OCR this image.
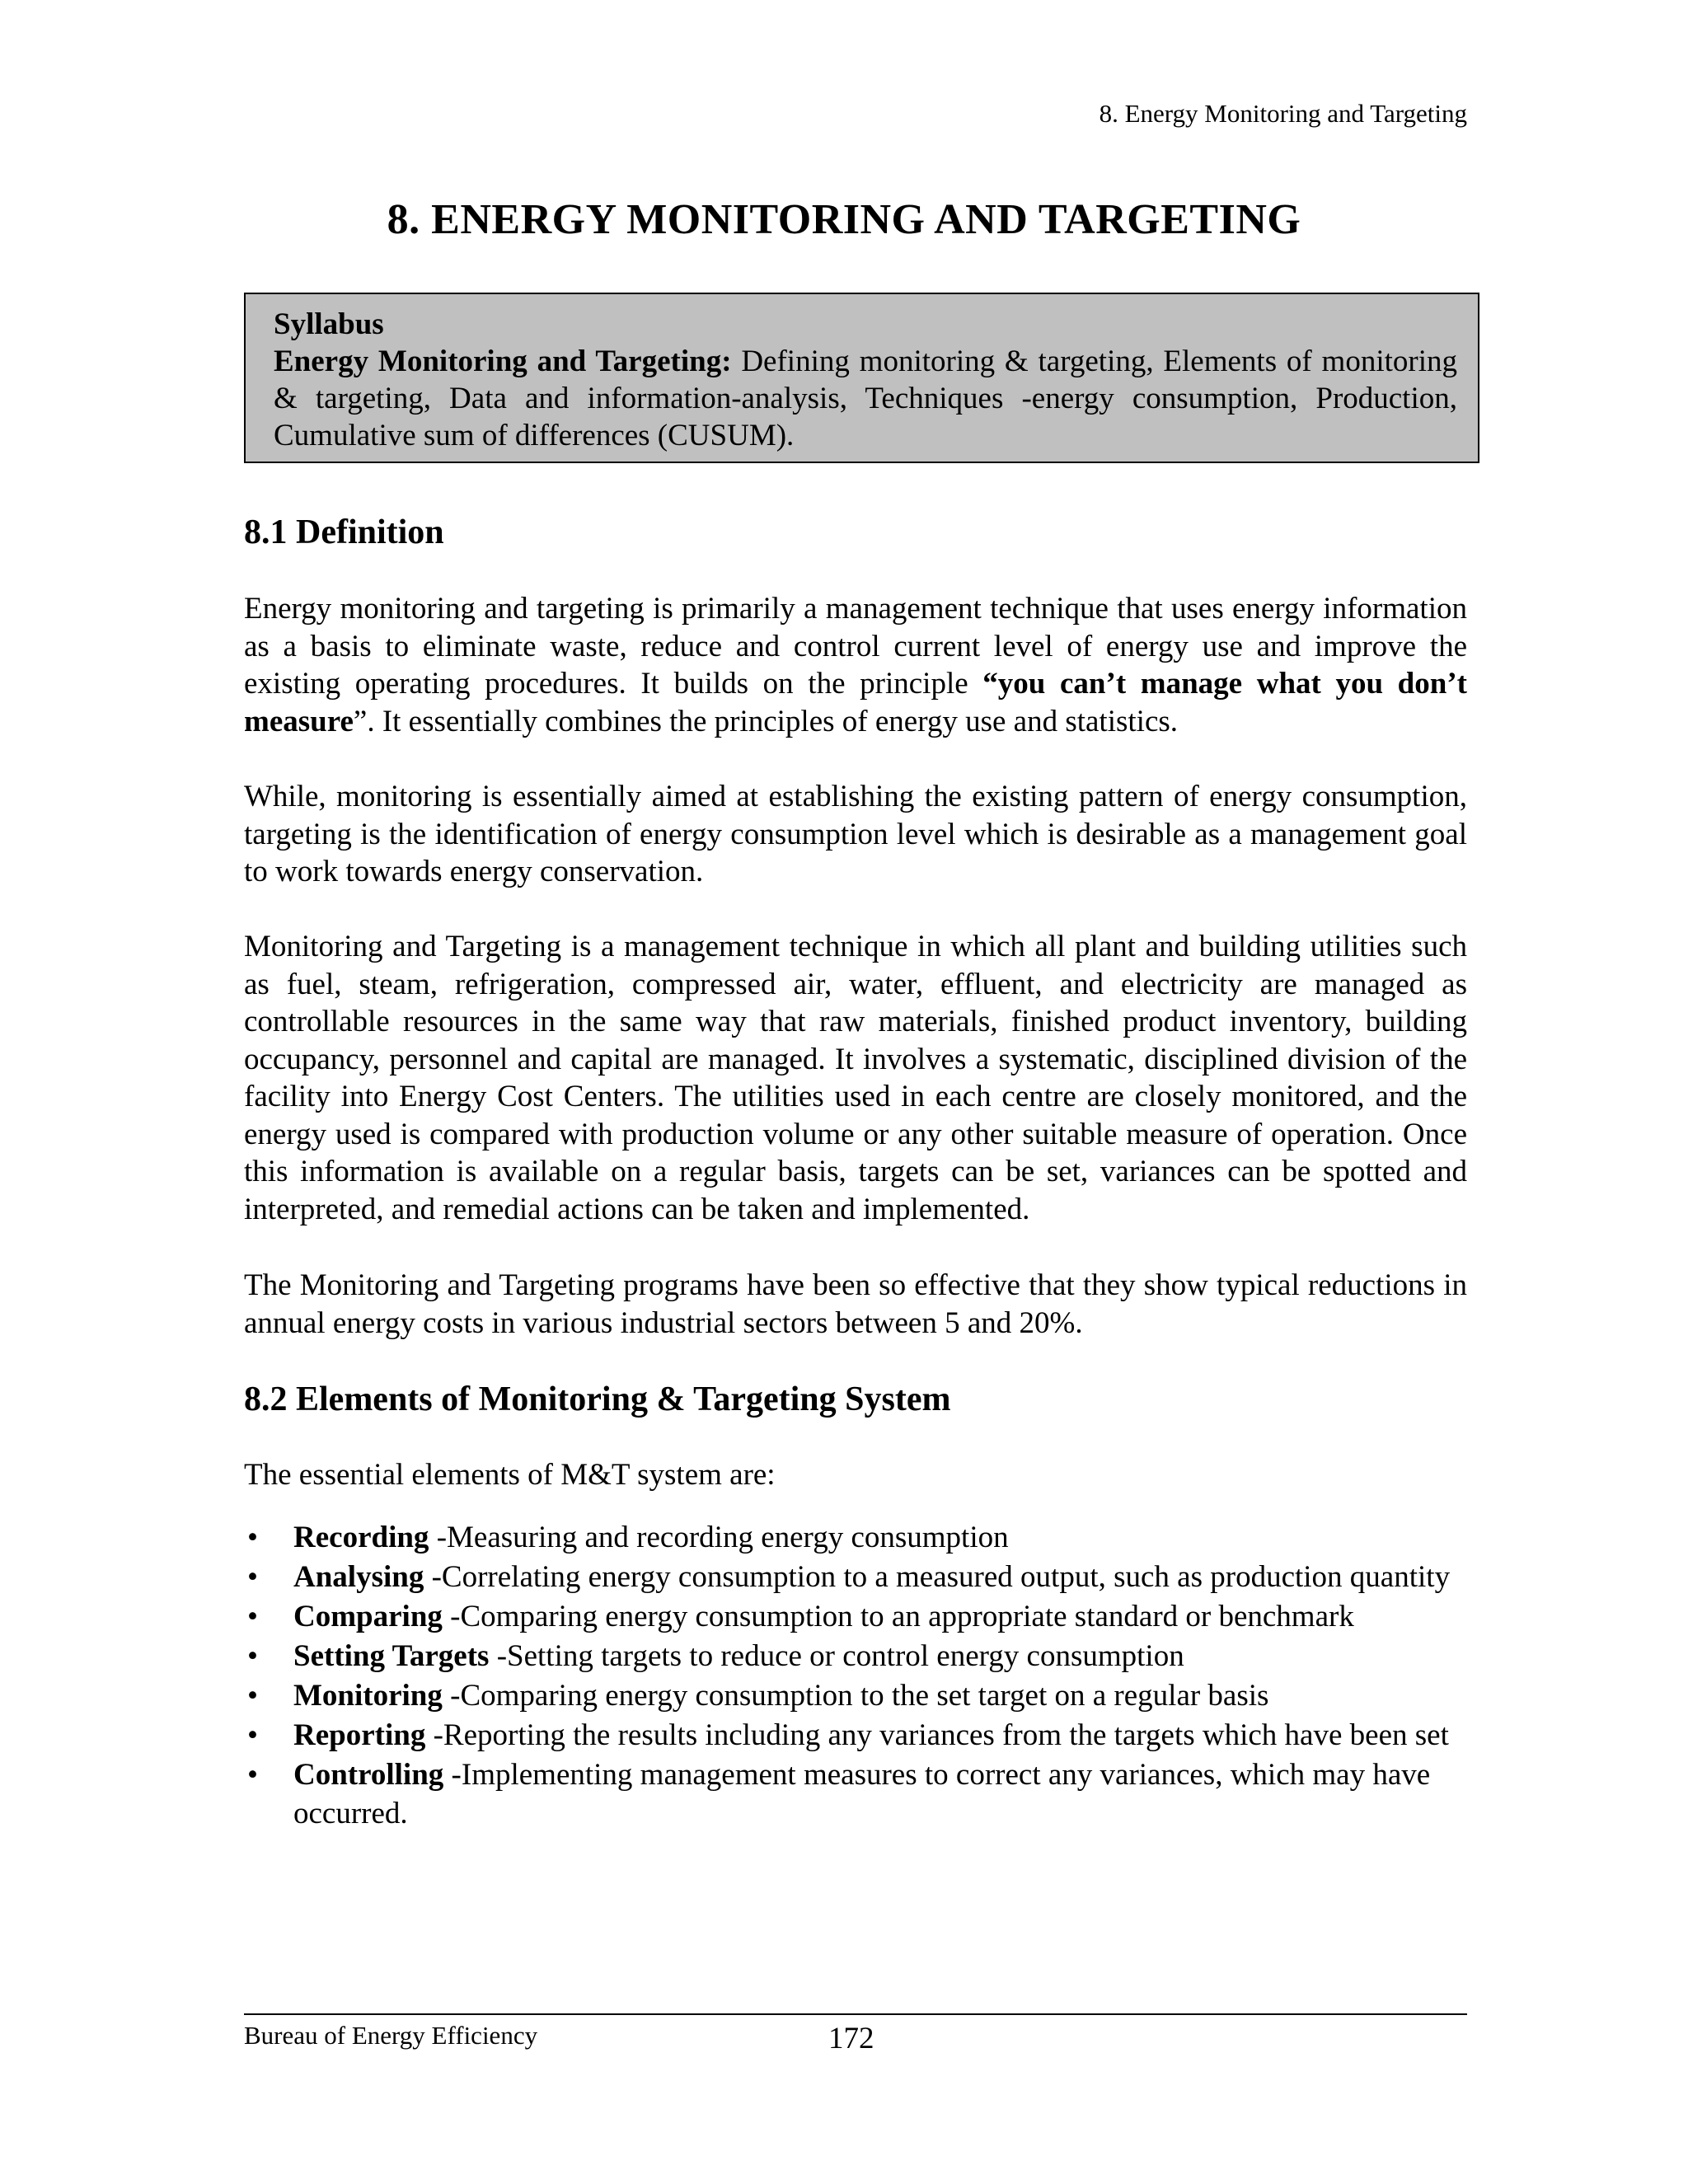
8. Energy Monitoring and Targeting
8. ENERGY MONITORING AND TARGETING
Syllabus
Energy Monitoring and Targeting: Defining monitoring & targeting, Elements of monitoring & targeting, Data and information-analysis, Techniques -energy consumption, Production, Cumulative sum of differences (CUSUM).
8.1 Definition
Energy monitoring and targeting is primarily a management technique that uses energy information as a basis to eliminate waste, reduce and control current level of energy use and improve the existing operating procedures. It builds on the principle “you can’t manage what you don’t measure”. It essentially combines the principles of energy use and statistics.
While, monitoring is essentially aimed at establishing the existing pattern of energy consumption, targeting is the identification of energy consumption level which is desirable as a management goal to work towards energy conservation.
Monitoring and Targeting is a management technique in which all plant and building utilities such as fuel, steam, refrigeration, compressed air, water, effluent, and electricity are managed as controllable resources in the same way that raw materials, finished product inventory, building occupancy, personnel and capital are managed. It involves a systematic, disciplined division of the facility into Energy Cost Centers. The utilities used in each centre are closely monitored, and the energy used is compared with production volume or any other suitable measure of operation. Once this information is available on a regular basis, targets can be set, variances can be spotted and interpreted, and remedial actions can be taken and implemented.
The Monitoring and Targeting programs have been so effective that they show typical reductions in annual energy costs in various industrial sectors between 5 and 20%.
8.2 Elements of Monitoring & Targeting System
The essential elements of M&T system are:
• Recording -Measuring and recording energy consumption
• Analysing -Correlating energy consumption to a measured output, such as production quantity
• Comparing -Comparing energy consumption to an appropriate standard or benchmark
• Setting Targets -Setting targets to reduce or control energy consumption
• Monitoring -Comparing energy consumption to the set target on a regular basis
• Reporting -Reporting the results including any variances from the targets which have been set
• Controlling -Implementing management measures to correct any variances, which may have occurred.
Bureau of Energy Efficiency	172
